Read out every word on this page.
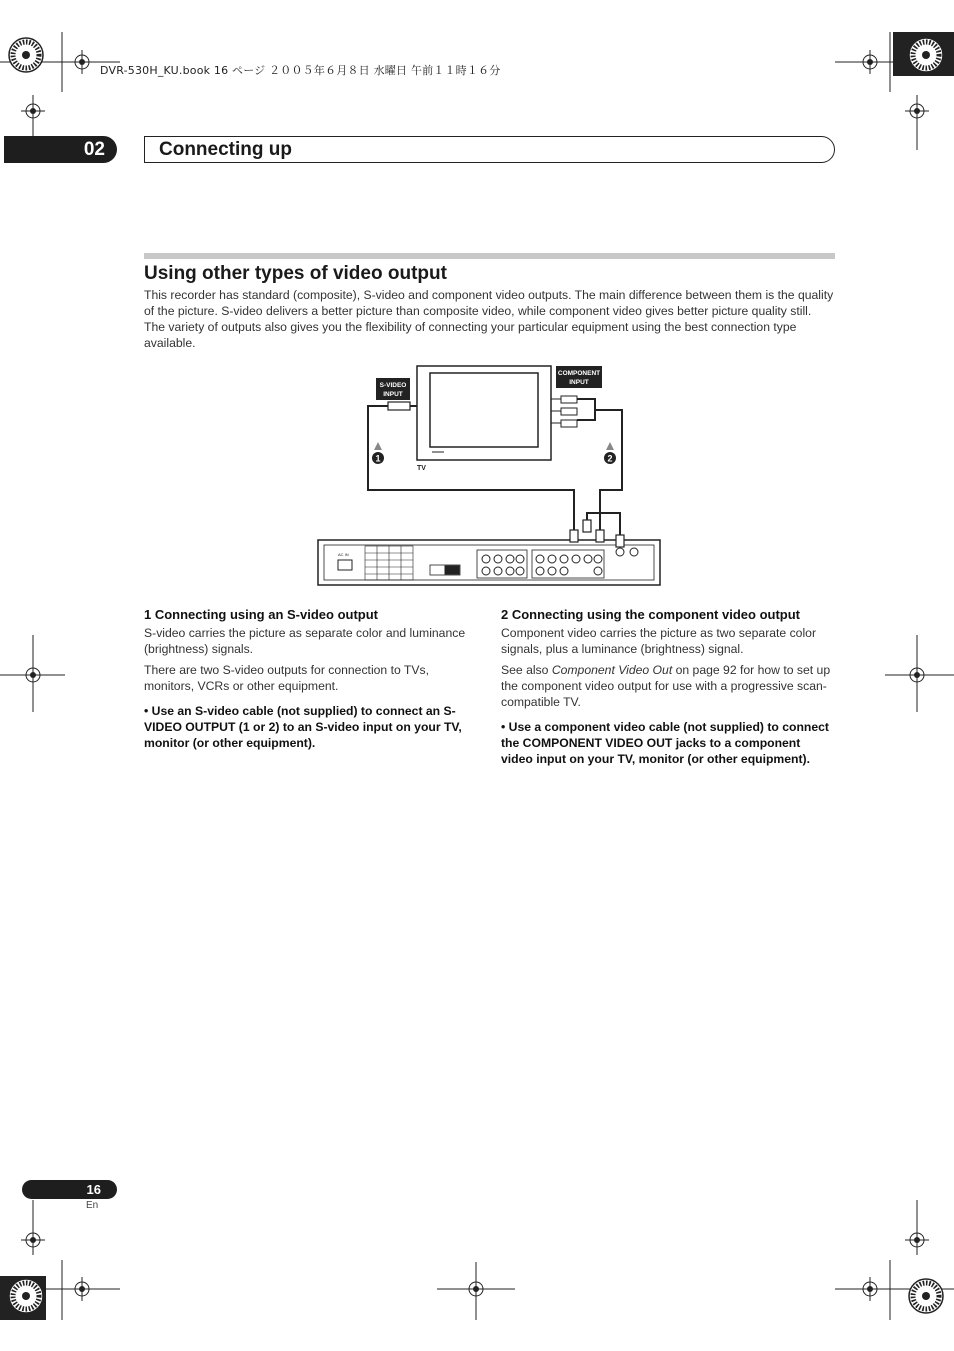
DVR-530H_KU.book 16 ページ ２００５年６月８日 水曜日 午前１１時１６分
02	Connecting up
Using other types of video output
This recorder has standard (composite), S-video and component video outputs. The main difference between them is the quality of the picture. S-video delivers a better picture than composite video, while component video gives better picture quality still. The variety of outputs also gives you the flexibility of connecting your particular equipment using the best connection type available.
1	2
S-VIDEO
INPUT
COMPONENT
INPUT
TV
AC IN
1 Connecting using an S-video output

S-video carries the picture as separate color and luminance (brightness) signals.

There are two S-video outputs for connection to TVs, monitors, VCRs or other equipment.

• Use an S-video cable (not supplied) to connect an S-VIDEO OUTPUT (1 or 2) to an S-video input on your TV, monitor (or other equipment).

2 Connecting using the component video output

Component video carries the picture as two separate color signals, plus a luminance (brightness) signal.

See also Component Video Out on page 92 for how to set up the component video output for use with a progressive scan-compatible TV.

• Use a component video cable (not supplied) to connect the COMPONENT VIDEO OUT jacks to a component video input on your TV, monitor (or other equipment).

16
En
